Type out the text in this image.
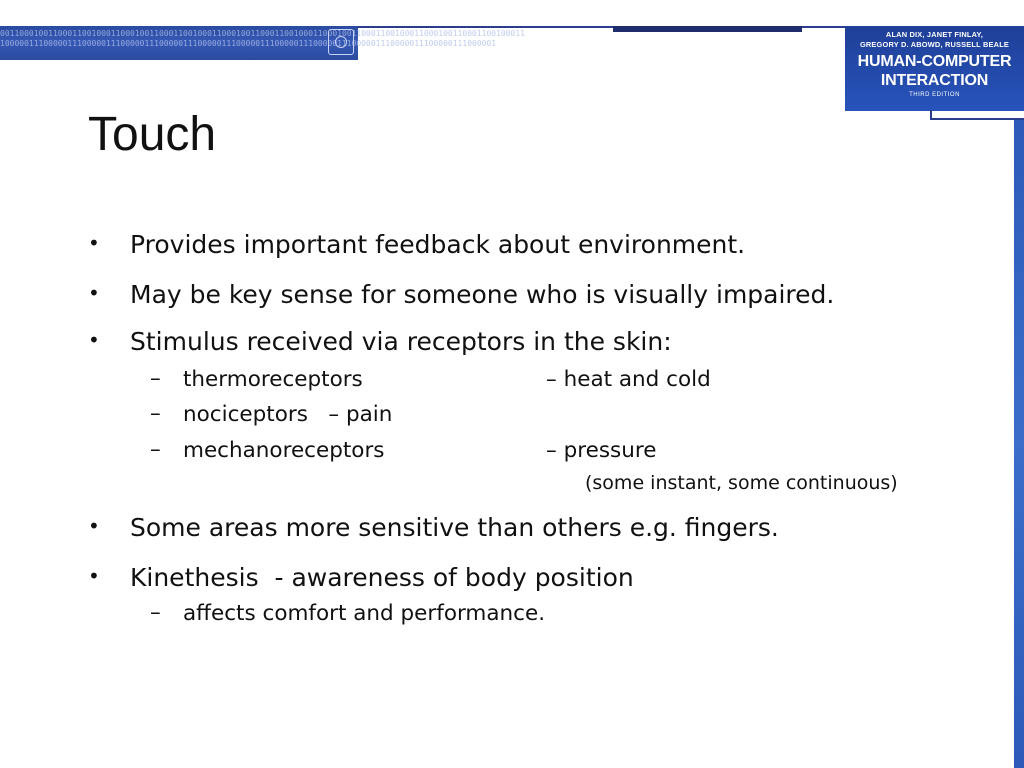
0011000100110001100100011000100110001100100011000100110001100100011000100110001100100011000100110001100100011
1000001110000011100000111000001110000011100000111000001110000011100000111000001110000011100000111000001
ALAN DIX, JANET FINLAY,
GREGORY D. ABOWD, RUSSELL BEALE
HUMAN-COMPUTER
INTERACTION
THIRD EDITION
Touch
• Provides important feedback about environment.
• May be key sense for someone who is visually impaired.
• Stimulus received via receptors in the skin:
– thermoreceptors	– heat and cold
– nociceptors   – pain
– mechanoreceptors	– pressure
(some instant, some continuous)
• Some areas more sensitive than others e.g. fingers.
• Kinethesis  - awareness of body position
– affects comfort and performance.
